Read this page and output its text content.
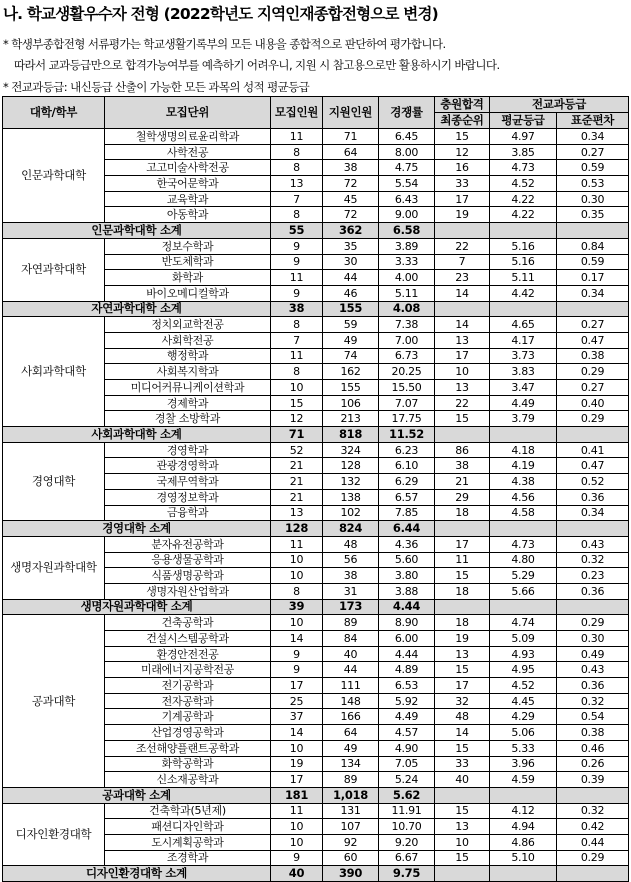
나. 학교생활우수자 전형 (2022학년도 지역인재종합전형으로 변경)
* 학생부종합전형 서류평가는 학교생활기록부의 모든 내용을 종합적으로 판단하여 평가합니다.
따라서 교과등급만으로 합격가능여부를 예측하기 어려우니, 지원 시 참고용으로만 활용하시기 바랍니다.
* 전교과등급: 내신등급 산출이 가능한 모든 과목의 성적 평균등급
대학/학부	모집단위	모집인원	지원인원	경쟁률	충원합격	전교과등급	
					최종순위	평균등급	표준편차
인문과학대학	철학생명의료윤리학과	11	71	6.45	15	4.97	0.34
	사학전공	8	64	8.00	12	3.85	0.27
	고고미술사학전공	8	38	4.75	16	4.73	0.59
	한국어문학과	13	72	5.54	33	4.52	0.53
	교육학과	7	45	6.43	17	4.22	0.30
	아동학과	8	72	9.00	19	4.22	0.35
인문과학대학 소계		55	362	6.58			
자연과학대학	정보수학과	9	35	3.89	22	5.16	0.84
	반도체학과	9	30	3.33	7	5.16	0.59
	화학과	11	44	4.00	23	5.11	0.17
	바이오메디컬학과	9	46	5.11	14	4.42	0.34
자연과학대학 소계		38	155	4.08			
사회과학대학	정치외교학전공	8	59	7.38	14	4.65	0.27
	사회학전공	7	49	7.00	13	4.17	0.47
	행정학과	11	74	6.73	17	3.73	0.38
	사회복지학과	8	162	20.25	10	3.83	0.29
	미디어커뮤니케이션학과	10	155	15.50	13	3.47	0.27
	경제학과	15	106	7.07	22	4.49	0.40
	경찰 소방학과	12	213	17.75	15	3.79	0.29
사회과학대학 소계		71	818	11.52			
경영대학	경영학과	52	324	6.23	86	4.18	0.41
	관광경영학과	21	128	6.10	38	4.19	0.47
	국제무역학과	21	132	6.29	21	4.38	0.52
	경영정보학과	21	138	6.57	29	4.56	0.36
	금융학과	13	102	7.85	18	4.58	0.34
경영대학 소계		128	824	6.44			
생명자원과학대학	분자유전공학과	11	48	4.36	17	4.73	0.43
	응용생물공학과	10	56	5.60	11	4.80	0.32
	식품생명공학과	10	38	3.80	15	5.29	0.23
	생명자원산업학과	8	31	3.88	18	5.66	0.36
생명자원과학대학 소계		39	173	4.44			
공과대학	건축공학과	10	89	8.90	18	4.74	0.29
	건설시스템공학과	14	84	6.00	19	5.09	0.30
	환경안전전공	9	40	4.44	13	4.93	0.49
	미래에너지공학전공	9	44	4.89	15	4.95	0.43
	전기공학과	17	111	6.53	17	4.52	0.36
	전자공학과	25	148	5.92	32	4.45	0.32
	기계공학과	37	166	4.49	48	4.29	0.54
	산업경영공학과	14	64	4.57	14	5.06	0.38
	조선해양플랜트공학과	10	49	4.90	15	5.33	0.46
	화학공학과	19	134	7.05	33	3.96	0.26
	신소재공학과	17	89	5.24	40	4.59	0.39
공과대학 소계		181	1,018	5.62			
디자인환경대학	건축학과(5년제)	11	131	11.91	15	4.12	0.32
	패션디자인학과	10	107	10.70	13	4.94	0.42
	도시계획공학과	10	92	9.20	10	4.86	0.44
	조경학과	9	60	6.67	15	5.10	0.29
디자인환경대학 소계		40	390	9.75			
